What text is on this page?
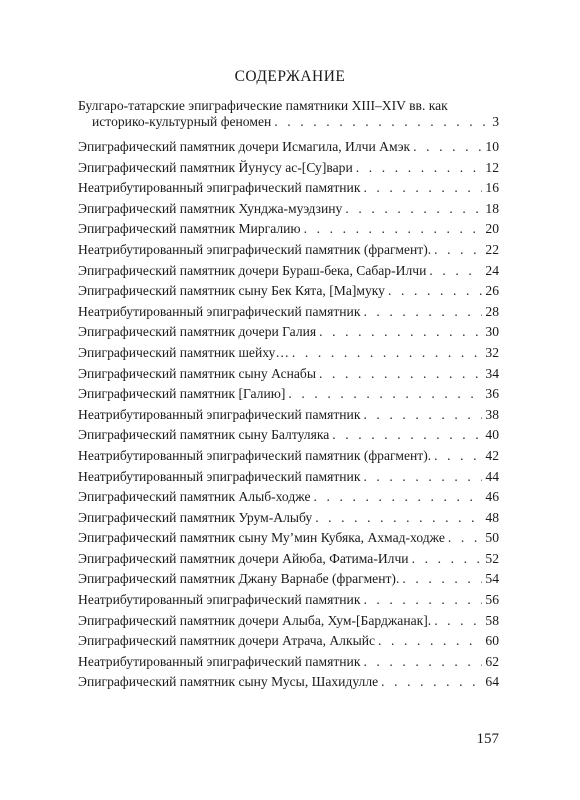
СОДЕРЖАНИЕ
Булгаро-татарские эпиграфические памятники XIII–XIV вв. как
историко-культурный феномен . . .	3
Эпиграфический памятник дочери Исмагила, Илчи Амэк . . .	10
Эпиграфический памятник Йунусу ас-[Су]вари . . .	12
Неатрибутированный эпиграфический памятник . . .	16
Эпиграфический памятник Хунджа-муэдзину . . .	18
Эпиграфический памятник Миргалию . . .	20
Неатрибутированный эпиграфический памятник (фрагмент). . . .	22
Эпиграфический памятник дочери Бураш-бека, Сабар-Илчи . . .	24
Эпиграфический памятник сыну Бек Кята, [Ма]муку . . .	26
Неатрибутированный эпиграфический памятник . . .	28
Эпиграфический памятник дочери Галия . . .	30
Эпиграфический памятник шейху… . . .	32
Эпиграфический памятник сыну Аснабы . . .	34
Эпиграфический памятник [Галию] . . .	36
Неатрибутированный эпиграфический памятник . . .	38
Эпиграфический памятник сыну Балтуляка . . .	40
Неатрибутированный эпиграфический памятник (фрагмент). . . .	42
Неатрибутированный эпиграфический памятник . . .	44
Эпиграфический памятник Алыб-ходже . . .	46
Эпиграфический памятник Урум-Алыбу . . .	48
Эпиграфический памятник сыну Му’мин Кубяка, Ахмад-ходже . . .	50
Эпиграфический памятник дочери Айюба, Фатима-Илчи . . .	52
Эпиграфический памятник Джану Варнабе (фрагмент). . . .	54
Неатрибутированный эпиграфический памятник . . .	56
Эпиграфический памятник дочери Алыба, Хум-[Барджанак]. . . .	58
Эпиграфический памятник дочери Атрача, Алкыйс . . .	60
Неатрибутированный эпиграфический памятник . . .	62
Эпиграфический памятник сыну Мусы, Шахидулле . . .	64
157
